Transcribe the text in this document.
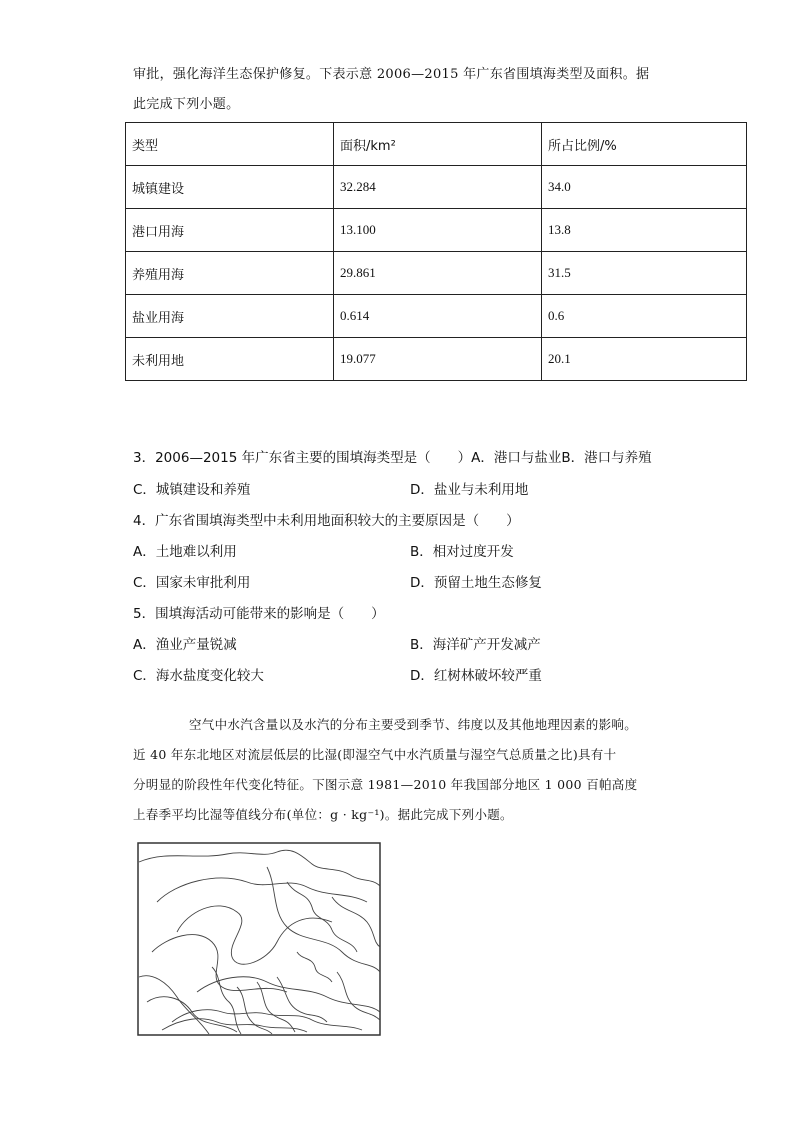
审批，强化海洋生态保护修复。下表示意 2006—2015 年广东省围填海类型及面积。据

此完成下列小题。

类型	面积/km²	所占比例/%
城镇建设	32.284	34.0
港口用海	13.100	13.8
养殖用海	29.861	31.5
盐业用海	0.614	0.6
未利用地	19.077	20.1
3．2006—2015 年广东省主要的围填海类型是（　　）A．港口与盐业B．港口与养殖
C．城镇建设和养殖	D．盐业与未利用地
4．广东省围填海类型中未利用地面积较大的主要原因是（　　）
A．土地难以利用	B．相对过度开发
C．国家未审批利用	D．预留土地生态修复
5．围填海活动可能带来的影响是（　　）
A．渔业产量锐减	B．海洋矿产开发减产
C．海水盐度变化较大	D．红树林破坏较严重

空气中水汽含量以及水汽的分布主要受到季节、纬度以及其他地理因素的影响。

近 40 年东北地区对流层低层的比湿(即湿空气中水汽质量与湿空气总质量之比)具有十

分明显的阶段性年代变化特征。下图示意 1981—2010 年我国部分地区 1 000 百帕高度

上春季平均比湿等值线分布(单位：g · kg⁻¹)。据此完成下列小题。
